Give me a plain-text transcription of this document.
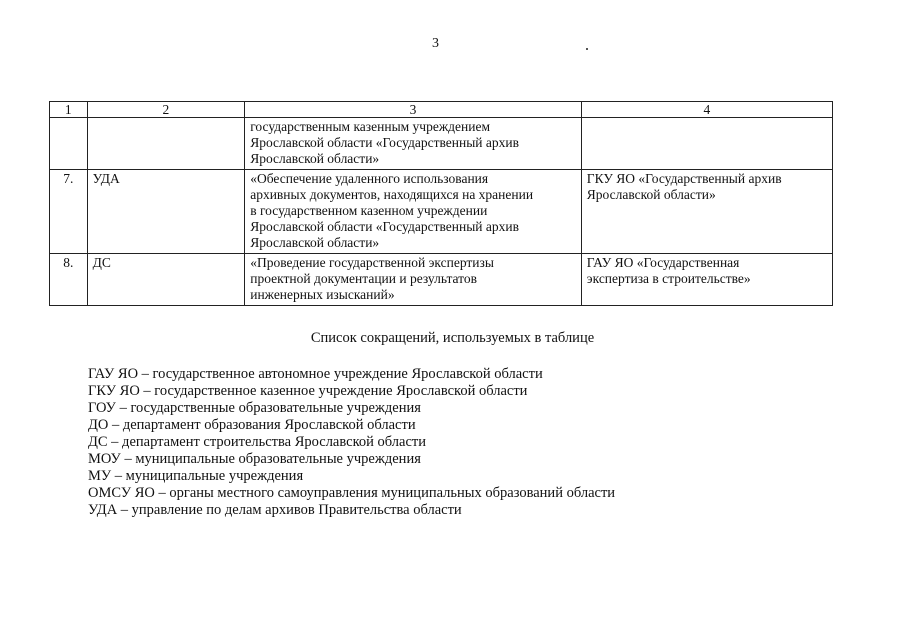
3
1	2	3	4

		государственным казенным учреждением
Ярославской области «Государственный архив
Ярославской области»	

7.	УДА	«Обеспечение удаленного использования
архивных документов, находящихся на хранении
в государственном казенном учреждении
Ярославской области «Государственный архив
Ярославской области»	ГКУ ЯО «Государственный архив
Ярославской области»

8.	ДС	«Проведение государственной экспертизы
проектной документации и результатов
инженерных изысканий»	ГАУ ЯО «Государственная
экспертиза в строительстве»
Список сокращений, используемых в таблице
ГАУ ЯО – государственное автономное учреждение Ярославской области
ГКУ ЯО – государственное казенное учреждение Ярославской области
ГОУ – государственные образовательные учреждения
ДО – департамент образования Ярославской области
ДС – департамент строительства Ярославской области
МОУ – муниципальные образовательные учреждения
МУ – муниципальные учреждения
ОМСУ ЯО – органы местного самоуправления муниципальных образований области
УДА – управление по делам архивов Правительства области
